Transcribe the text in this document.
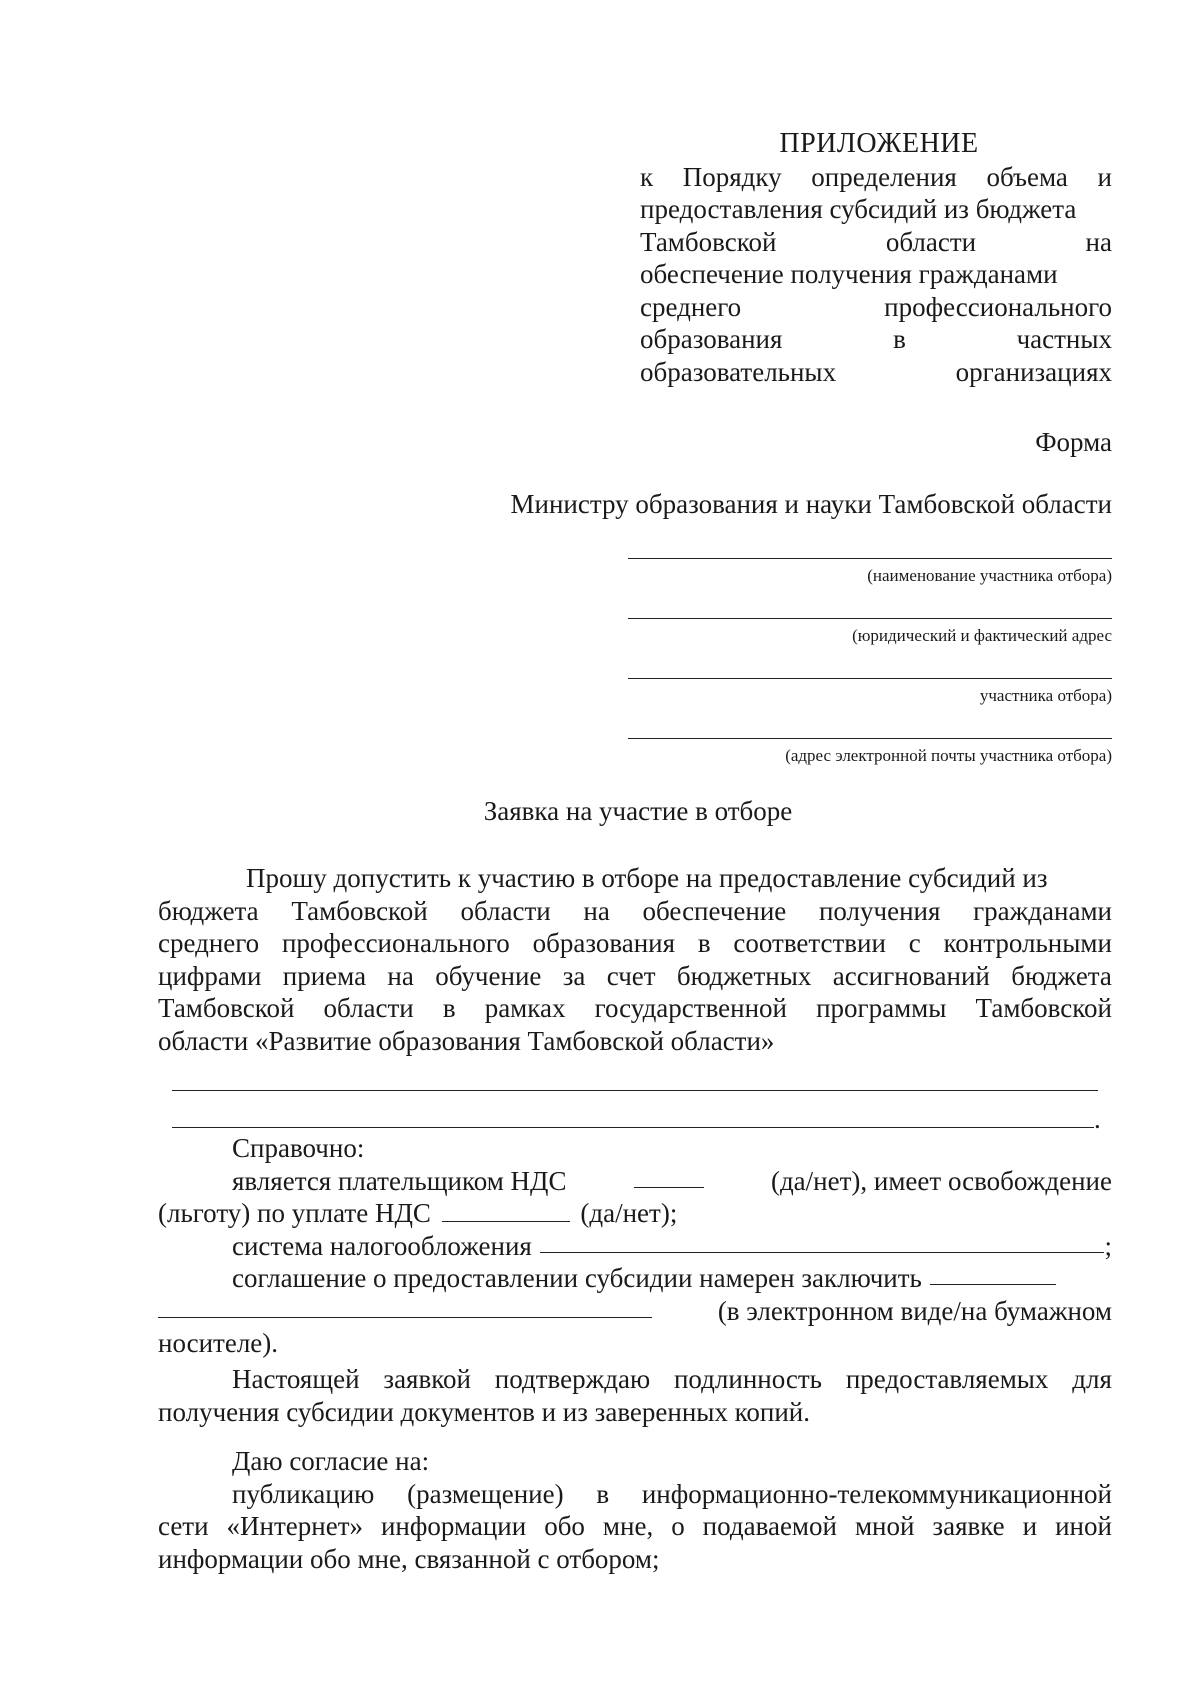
ПРИЛОЖЕНИЕ
к Порядку определения объема и
предоставления субсидий из бюджета
Тамбовской	области	на
обеспечение получения гражданами
среднего	профессионального
образования	в	частных
образовательных	организациях
Форма
Министру образования и науки Тамбовской области
(наименование участника отбора)
(юридический и фактический адрес
участника отбора)
(адрес электронной почты участника отбора)
Заявка на участие в отборе
Прошу допустить к участию в отборе на предоставление субсидий из
бюджета Тамбовской области на обеспечение получения гражданами
среднего профессионального образования в соответствии с контрольными
цифрами приема на обучение за счет бюджетных ассигнований бюджета
Тамбовской области в рамках государственной программы Тамбовской
области «Развитие образования Тамбовской области»
.
Справочно:
является плательщиком НДС	(да/нет), имеет освобождение
(льготу) по уплате НДС	(да/нет);
система налогообложения	;
соглашение о предоставлении субсидии намерен заключить
(в электронном виде/на бумажном
носителе).
Настоящей заявкой подтверждаю подлинность предоставляемых для
получения субсидии документов и из заверенных копий.
Даю согласие на:
публикацию (размещение) в информационно-телекоммуникационной
сети «Интернет» информации обо мне, о подаваемой мной заявке и иной
информации обо мне, связанной с отбором;
